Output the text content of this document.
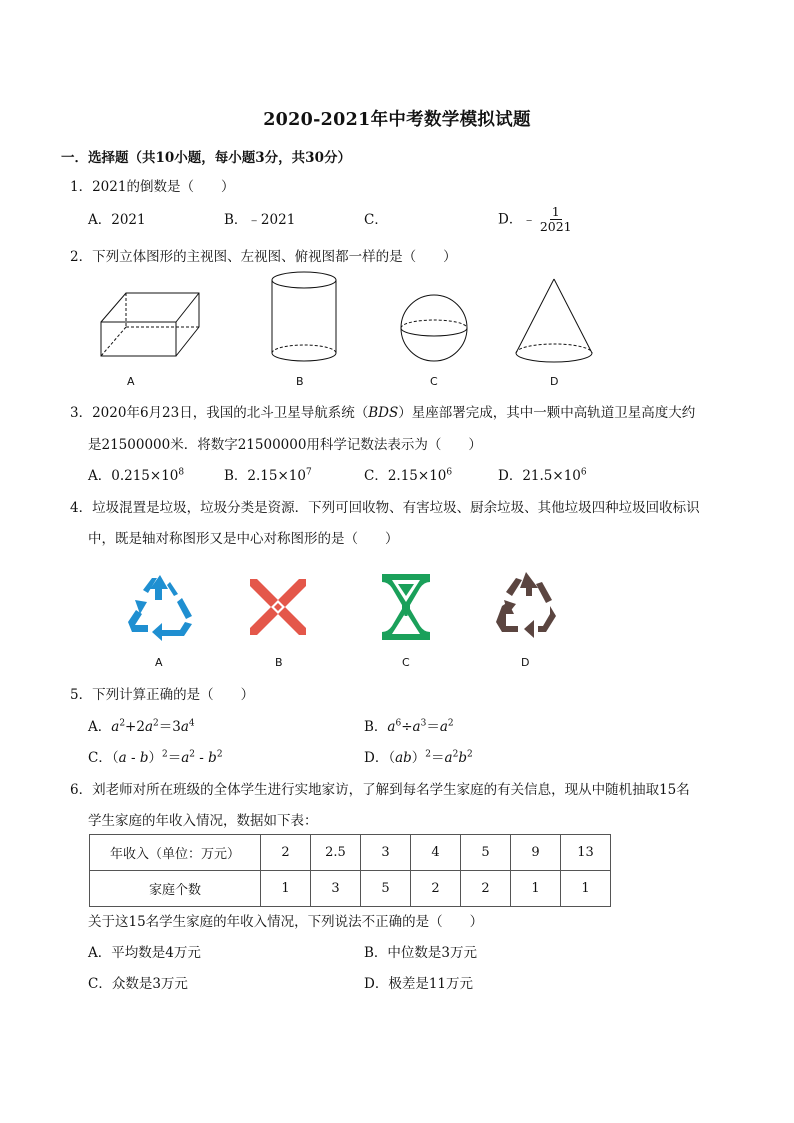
2020-2021年中考数学模拟试题
一．选择题（共10小题，每小题3分，共30分）
1．2021的倒数是（　　）
A．2021	B．﹣2021	C．	D．﹣ $\frac{1}{2021}$
2．下列立体图形的主视图、左视图、俯视图都一样的是（　　）
A	B	C	D
3．2020年6月23日，我国的北斗卫星导航系统（BDS）星座部署完成，其中一颗中高轨道卫星高度大约
是21500000米．将数字21500000用科学记数法表示为（　　）
A．$0.215\times 10^8$	B．$2.15\times 10^7$	C．$2.15\times 10^6$	D．$21.5\times 10^6$
4．垃圾混置是垃圾，垃圾分类是资源．下列可回收物、有害垃圾、厨余垃圾、其他垃圾四种垃圾回收标识
中，既是轴对称图形又是中心对称图形的是（　　）
A	B	C	D
5．下列计算正确的是（　　）
A．$a^2+2a^2=3a^4$	B．$a^6\div a^3=a^2$
C．$(a - b)^2=a^2 - b^2$	D．$(ab)^2=a^2b^2$
6．刘老师对所在班级的全体学生进行实地家访，了解到每名学生家庭的有关信息，现从中随机抽取15名
学生家庭的年收入情况，数据如下表：
年收入（单位：万元）	2	2.5	3	4	5	9	13
家庭个数	1	3	5	2	2	1	1
关于这15名学生家庭的年收入情况，下列说法不正确的是（　　）
A．平均数是4万元	B．中位数是3万元
C．众数是3万元	D．极差是11万元
